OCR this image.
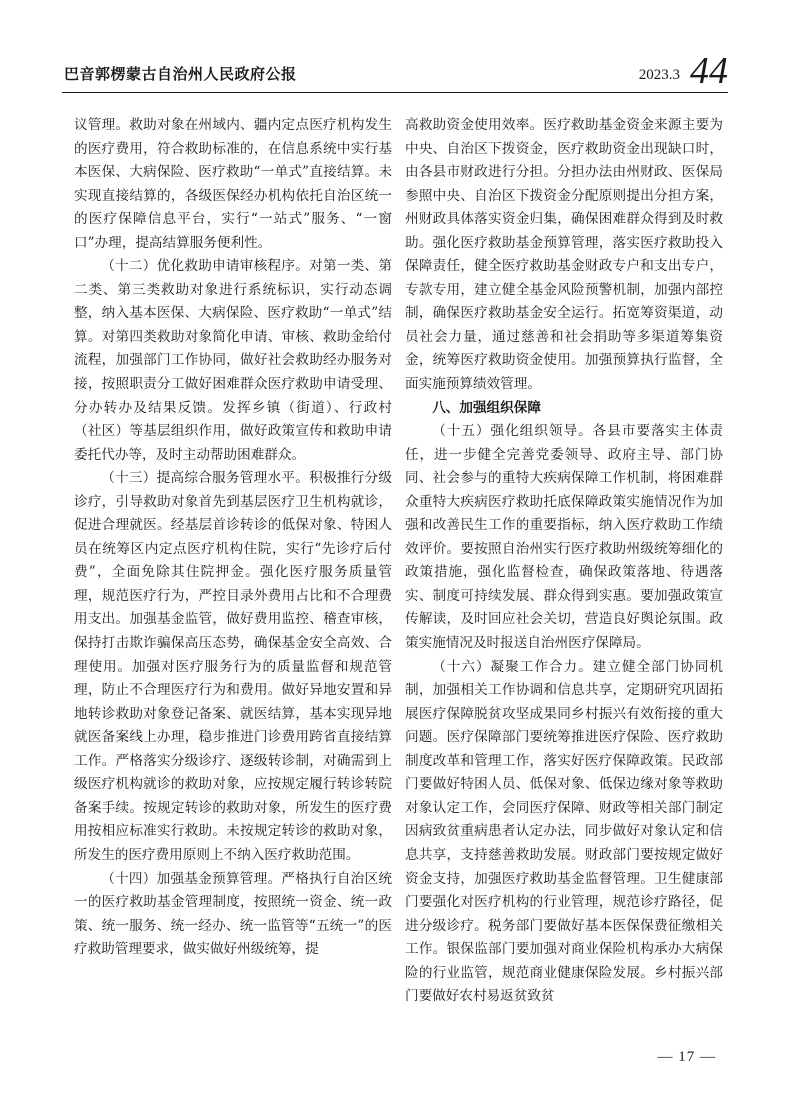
巴音郭楞蒙古自治州人民政府公报	2023.3 44

议管理。救助对象在州域内、疆内定点医疗机构发生的医疗费用，符合救助标准的，在信息系统中实行基本医保、大病保险、医疗救助“一单式”直接结算。未实现直接结算的，各级医保经办机构依托自治区统一的医疗保障信息平台，实行“一站式”服务、“一窗口”办理，提高结算服务便利性。

（十二）优化救助申请审核程序。对第一类、第二类、第三类救助对象进行系统标识，实行动态调整，纳入基本医保、大病保险、医疗救助“一单式”结算。对第四类救助对象简化申请、审核、救助金给付流程，加强部门工作协同，做好社会救助经办服务对接，按照职责分工做好困难群众医疗救助申请受理、分办转办及结果反馈。发挥乡镇（街道）、行政村（社区）等基层组织作用，做好政策宣传和救助申请委托代办等，及时主动帮助困难群众。

（十三）提高综合服务管理水平。积极推行分级诊疗，引导救助对象首先到基层医疗卫生机构就诊，促进合理就医。经基层首诊转诊的低保对象、特困人员在统筹区内定点医疗机构住院，实行“先诊疗后付费”，全面免除其住院押金。强化医疗服务质量管理，规范医疗行为，严控目录外费用占比和不合理费用支出。加强基金监管，做好费用监控、稽查审核，保持打击欺诈骗保高压态势，确保基金安全高效、合理使用。加强对医疗服务行为的质量监督和规范管理，防止不合理医疗行为和费用。做好异地安置和异地转诊救助对象登记备案、就医结算，基本实现异地就医备案线上办理，稳步推进门诊费用跨省直接结算工作。严格落实分级诊疗、逐级转诊制，对确需到上级医疗机构就诊的救助对象，应按规定履行转诊转院备案手续。按规定转诊的救助对象，所发生的医疗费用按相应标准实行救助。未按规定转诊的救助对象，所发生的医疗费用原则上不纳入医疗救助范围。

（十四）加强基金预算管理。严格执行自治区统一的医疗救助基金管理制度，按照统一资金、统一政策、统一服务、统一经办、统一监管等“五统一”的医疗救助管理要求，做实做好州级统筹，提

高救助资金使用效率。医疗救助基金资金来源主要为中央、自治区下拨资金，医疗救助资金出现缺口时，由各县市财政进行分担。分担办法由州财政、医保局参照中央、自治区下拨资金分配原则提出分担方案，州财政具体落实资金归集，确保困难群众得到及时救助。强化医疗救助基金预算管理，落实医疗救助投入保障责任，健全医疗救助基金财政专户和支出专户，专款专用，建立健全基金风险预警机制，加强内部控制，确保医疗救助基金安全运行。拓宽筹资渠道，动员社会力量，通过慈善和社会捐助等多渠道筹集资金，统筹医疗救助资金使用。加强预算执行监督，全面实施预算绩效管理。

八、加强组织保障

（十五）强化组织领导。各县市要落实主体责任，进一步健全完善党委领导、政府主导、部门协同、社会参与的重特大疾病保障工作机制，将困难群众重特大疾病医疗救助托底保障政策实施情况作为加强和改善民生工作的重要指标，纳入医疗救助工作绩效评价。要按照自治州实行医疗救助州级统筹细化的政策措施，强化监督检查，确保政策落地、待遇落实、制度可持续发展、群众得到实惠。要加强政策宣传解读，及时回应社会关切，营造良好舆论氛围。政策实施情况及时报送自治州医疗保障局。

（十六）凝聚工作合力。建立健全部门协同机制，加强相关工作协调和信息共享，定期研究巩固拓展医疗保障脱贫攻坚成果同乡村振兴有效衔接的重大问题。医疗保障部门要统筹推进医疗保险、医疗救助制度改革和管理工作，落实好医疗保障政策。民政部门要做好特困人员、低保对象、低保边缘对象等救助对象认定工作，会同医疗保障、财政等相关部门制定因病致贫重病患者认定办法，同步做好对象认定和信息共享，支持慈善救助发展。财政部门要按规定做好资金支持，加强医疗救助基金监督管理。卫生健康部门要强化对医疗机构的行业管理，规范诊疗路径，促进分级诊疗。税务部门要做好基本医保保费征缴相关工作。银保监部门要加强对商业保险机构承办大病保险的行业监管，规范商业健康保险发展。乡村振兴部门要做好农村易返贫致贫

— 17 —
